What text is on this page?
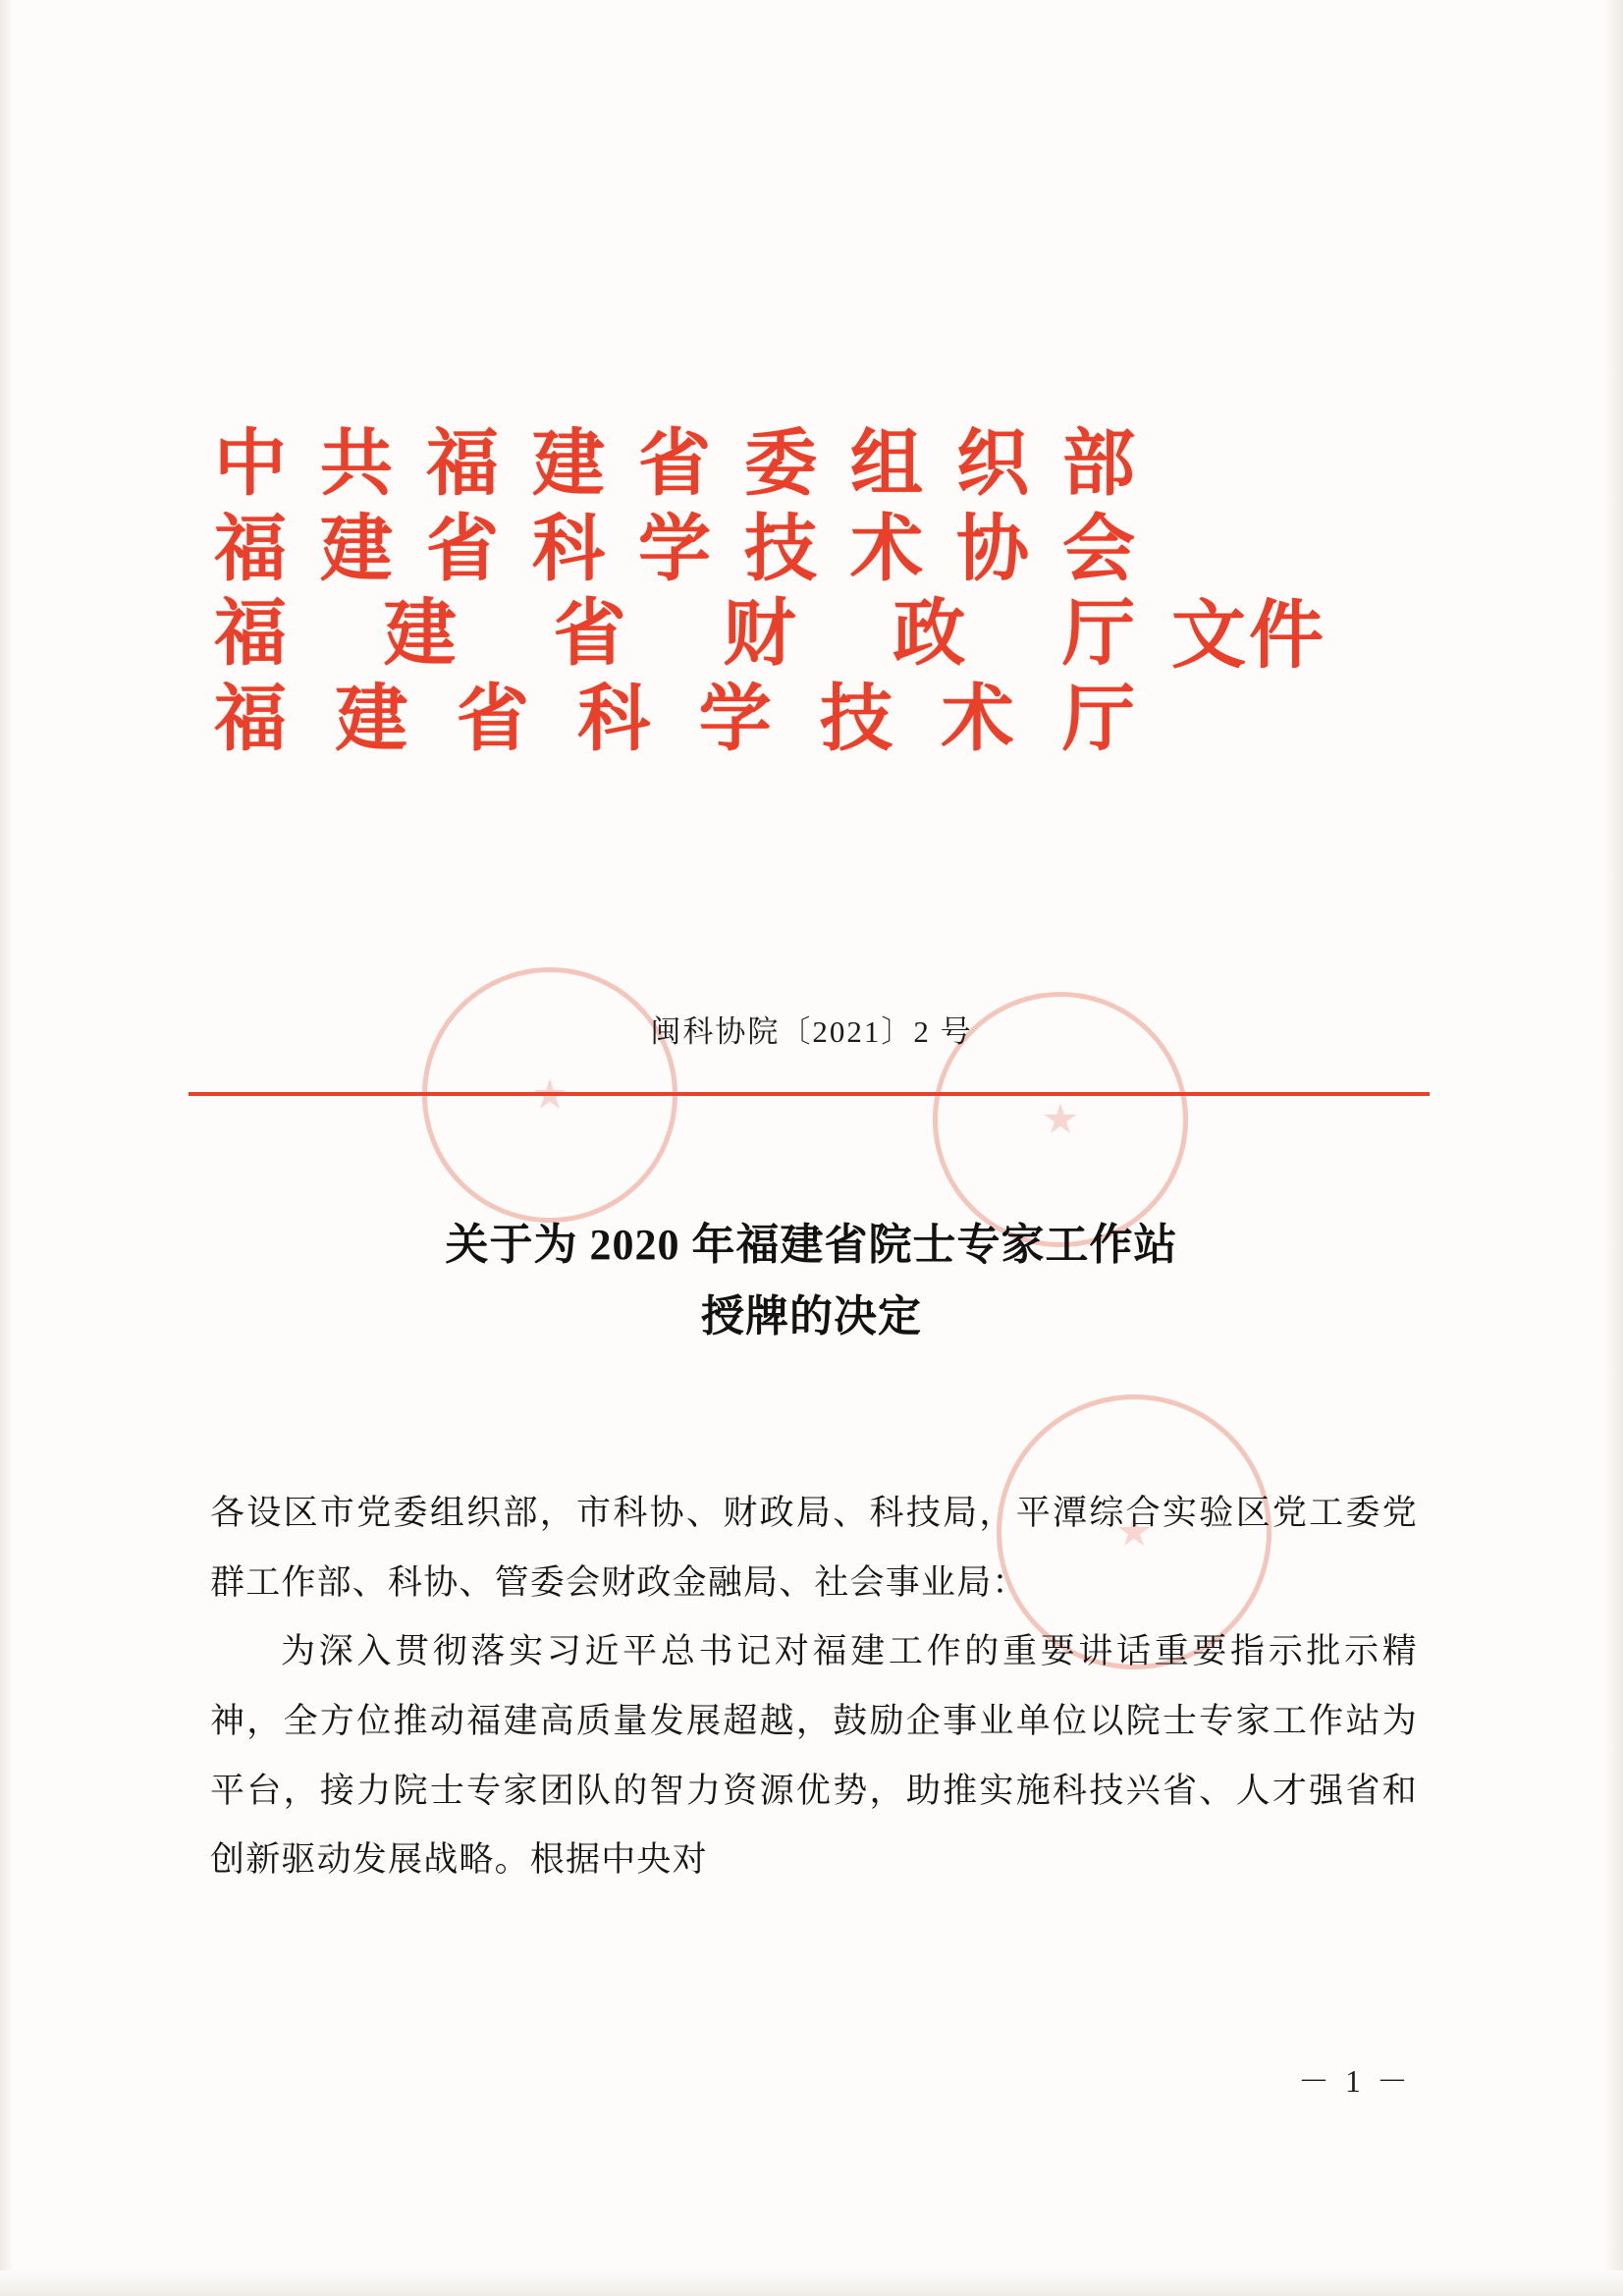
中 共 福 建 省 委 组 织 部
福 建 省 科 学 技 术 协 会
福 建 省 财 政 厅
福 建 省 科 学 技 术 厅
文件
闽科协院〔2021〕2 号
关于为 2020 年福建省院士专家工作站
授牌的决定

各设区市党委组织部，市科协、财政局、科技局，平潭综合实验区党工委党群工作部、科协、管委会财政金融局、社会事业局：

为深入贯彻落实习近平总书记对福建工作的重要讲话重要指示批示精神，全方位推动福建高质量发展超越，鼓励企事业单位以院士专家工作站为平台，接力院士专家团队的智力资源优势，助推实施科技兴省、人才强省和创新驱动发展战略。根据中央对

－ 1 －
